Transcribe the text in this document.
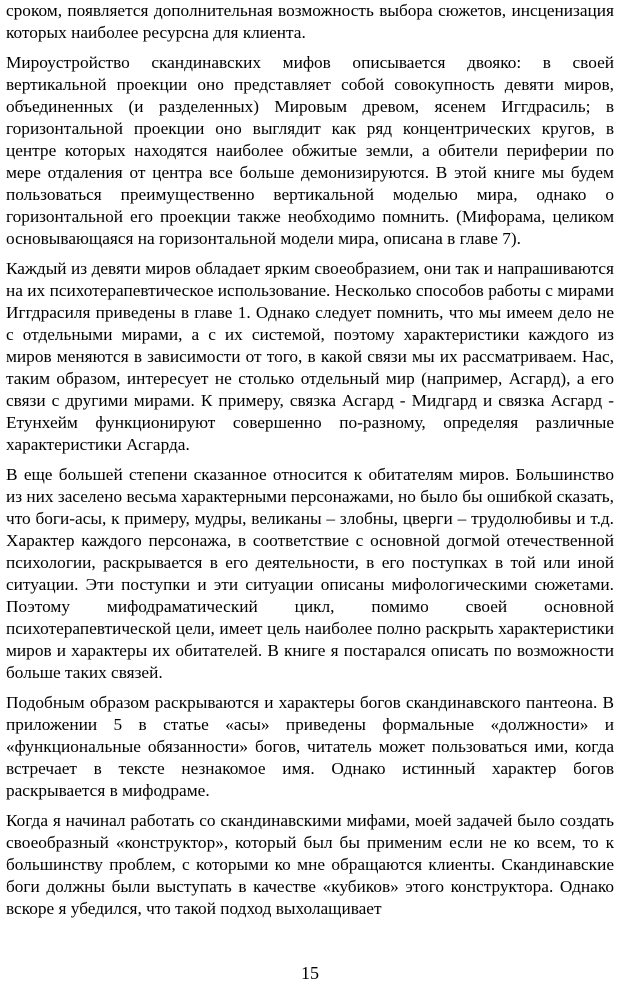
сроком, появляется дополнительная возможность выбора сюжетов, инсценизация которых наиболее ресурсна для клиента.

Мироустройство скандинавских мифов описывается двояко: в своей вертикальной проекции оно представляет собой совокупность девяти миров, объединенных (и разделенных) Мировым древом, ясенем Иггдрасиль; в горизонтальной проекции оно выглядит как ряд концентрических кругов, в центре которых находятся наиболее обжитые земли, а обители периферии по мере отдаления от центра все больше демонизируются. В этой книге мы будем пользоваться преимущественно вертикальной моделью мира, однако о горизонтальной его проекции также необходимо помнить. (Мифорама, целиком основывающаяся на горизонтальной модели мира, описана в главе 7).

Каждый из девяти миров обладает ярким своеобразием, они так и напрашиваются на их психотерапевтическое использование. Несколько способов работы с мирами Иггдрасиля приведены в главе 1. Однако следует помнить, что мы имеем дело не с отдельными мирами, а с их системой, поэтому характеристики каждого из миров меняются в зависимости от того, в какой связи мы их рассматриваем. Нас, таким образом, интересует не столько отдельный мир (например, Асгард), а его связи с другими мирами. К примеру, связка Асгард - Мидгард и связка Асгард - Етунхейм функционируют совершенно по-разному, определяя различные характеристики Асгарда.

В еще большей степени сказанное относится к обитателям миров. Большинство из них заселено весьма характерными персонажами, но было бы ошибкой сказать, что боги-асы, к примеру, мудры, великаны – злобны, цверги – трудолюбивы и т.д. Характер каждого персонажа, в соответствие с основной догмой отечественной психологии, раскрывается в его деятельности, в его поступках в той или иной ситуации. Эти поступки и эти ситуации описаны мифологическими сюжетами. Поэтому мифодраматический цикл, помимо своей основной психотерапевтической цели, имеет цель наиболее полно раскрыть характеристики миров и характеры их обитателей. В книге я постарался описать по возможности больше таких связей.

Подобным образом раскрываются и характеры богов скандинавского пантеона. В приложении 5 в статье «асы» приведены формальные «должности» и «функциональные обязанности» богов, читатель может пользоваться ими, когда встречает в тексте незнакомое имя. Однако истинный характер богов раскрывается в мифодраме.

Когда я начинал работать со скандинавскими мифами, моей задачей было создать своеобразный «конструктор», который был бы применим если не ко всем, то к большинству проблем, с которыми ко мне обращаются клиенты. Скандинавские боги должны были выступать в качестве «кубиков» этого конструктора. Однако вскоре я убедился, что такой подход выхолащивает

15
